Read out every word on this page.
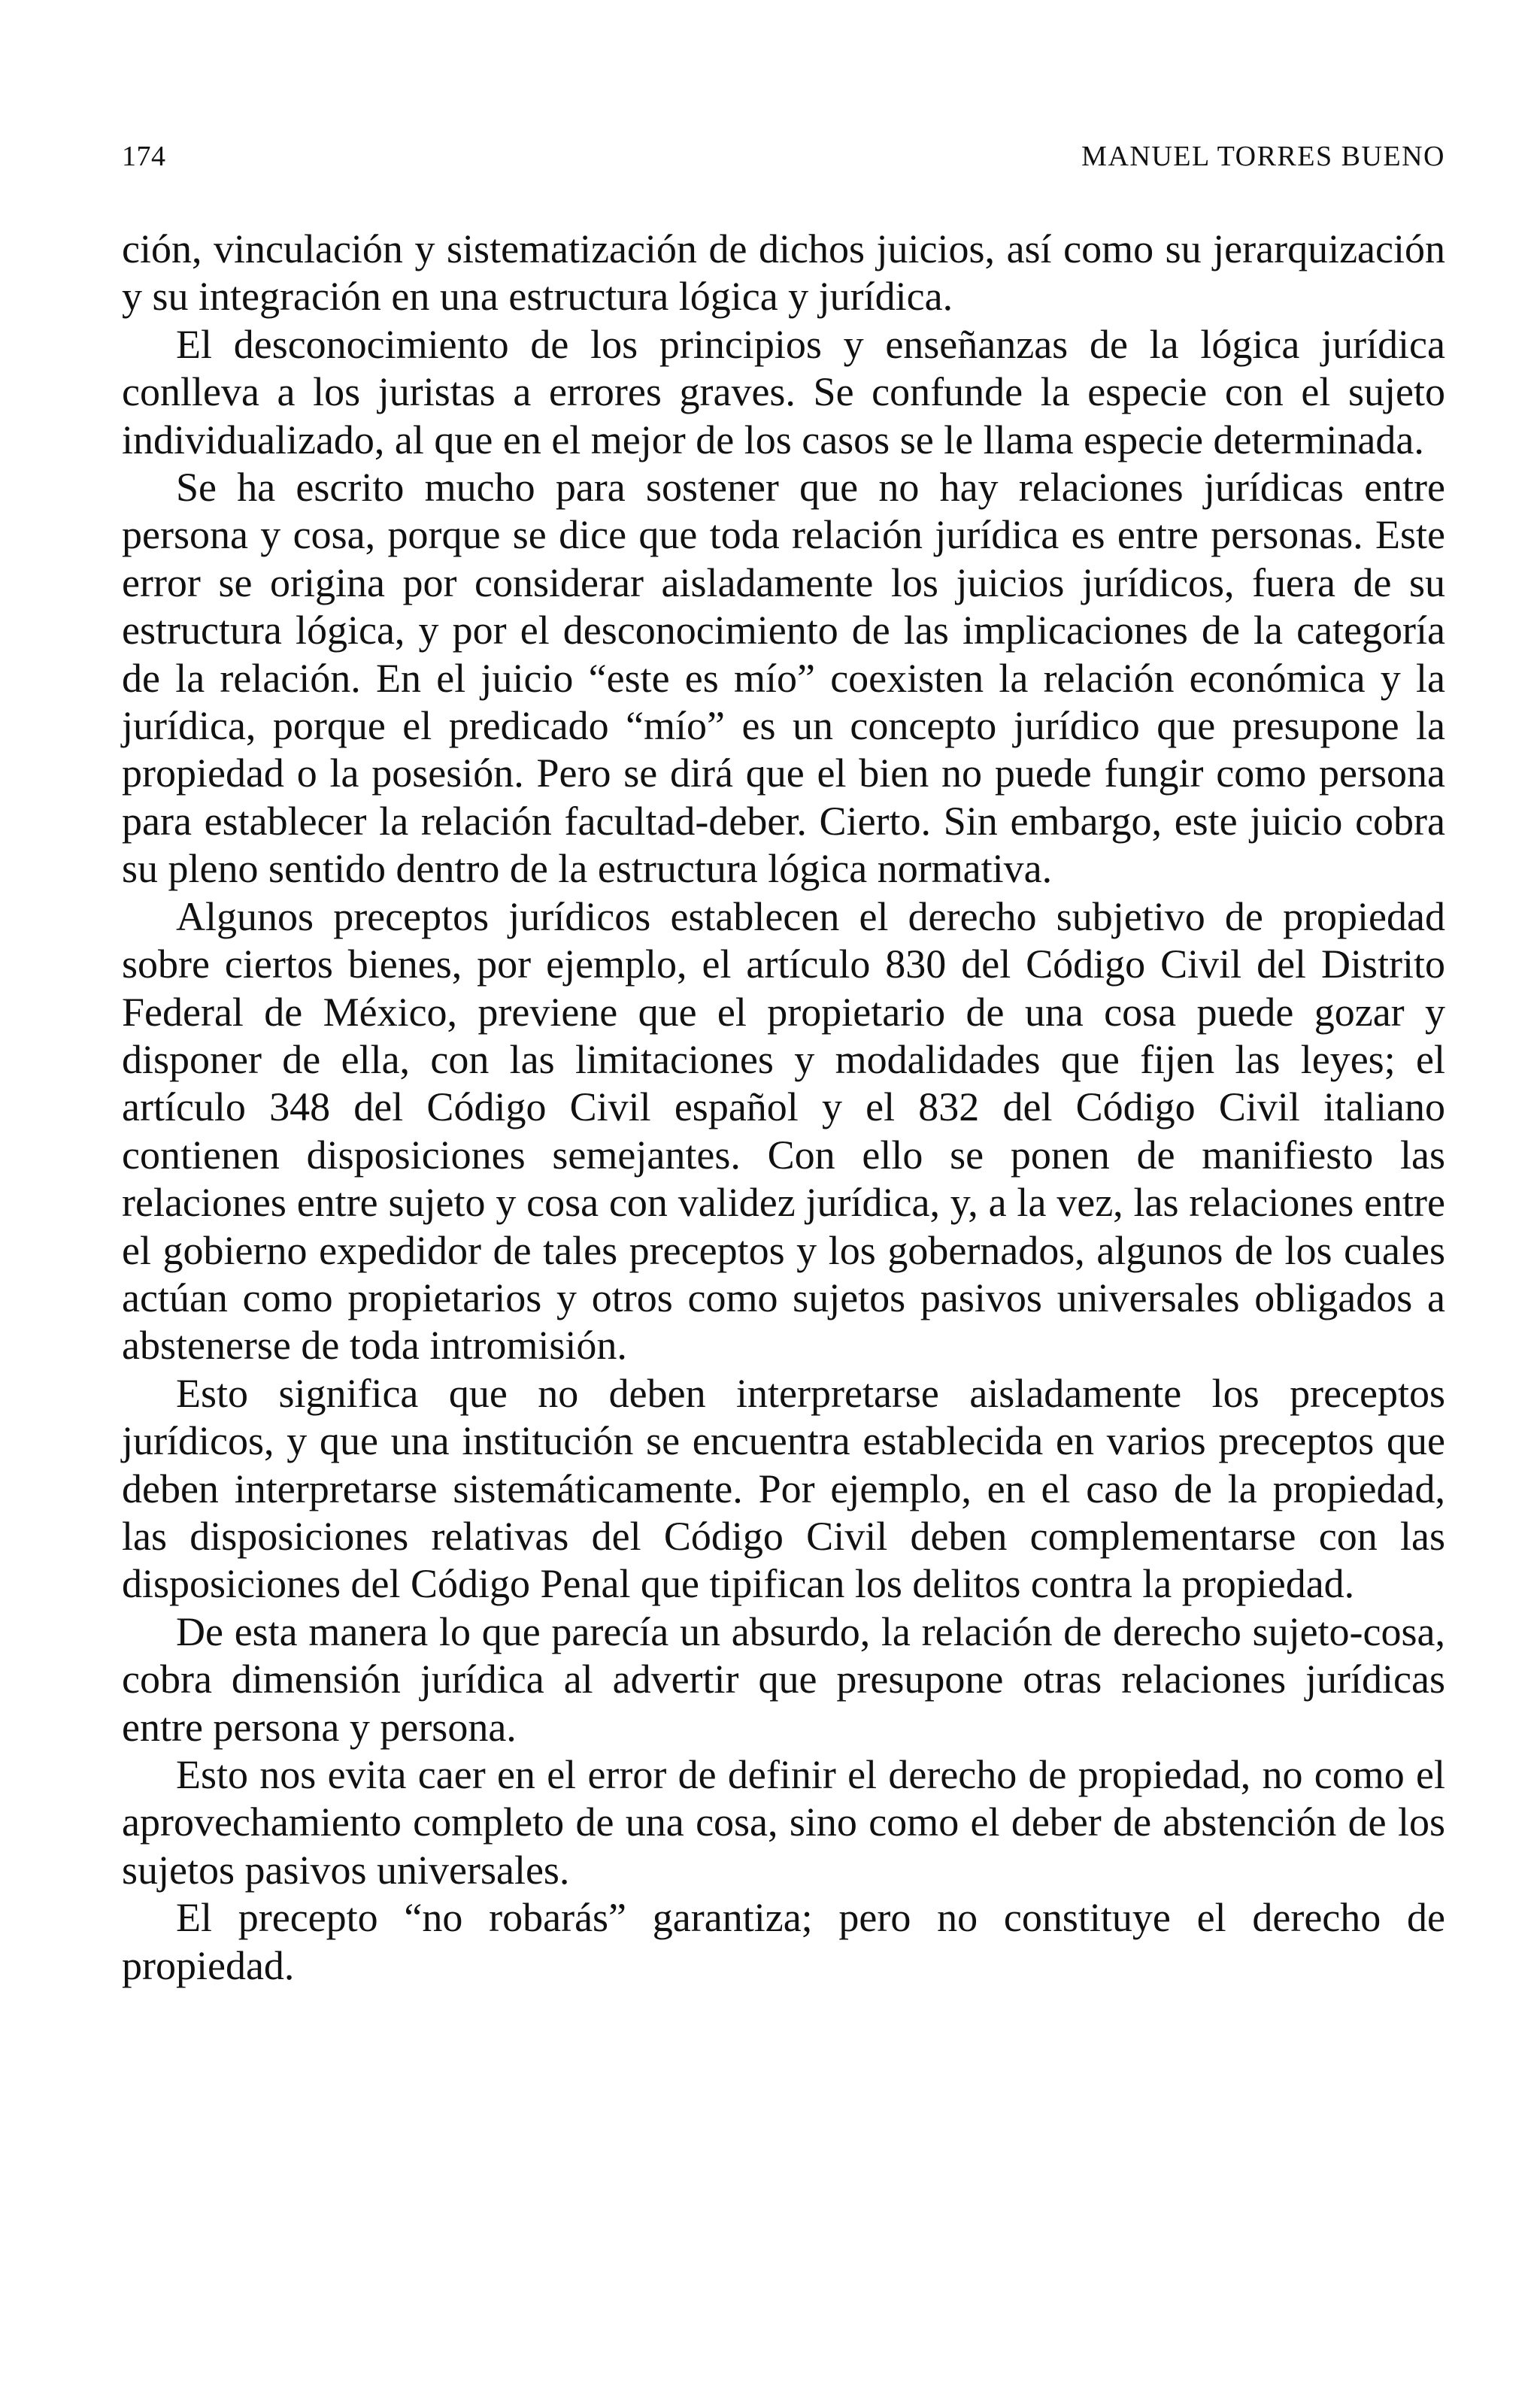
174	MANUEL TORRES BUENO

ción, vinculación y sistematización de dichos juicios, así como su jerarquización y su integración en una estructura lógica y jurídica.

El desconocimiento de los principios y enseñanzas de la lógica jurídica conlleva a los juristas a errores graves. Se confunde la especie con el sujeto individualizado, al que en el mejor de los casos se le llama especie determinada.

Se ha escrito mucho para sostener que no hay relaciones jurídicas entre persona y cosa, porque se dice que toda relación jurídica es entre personas. Este error se origina por considerar aisladamente los juicios jurídicos, fuera de su estructura lógica, y por el desconocimiento de las implicaciones de la categoría de la relación. En el juicio “este es mío” coexisten la relación económica y la jurídica, porque el predicado “mío” es un concepto jurídico que presupone la propiedad o la posesión. Pero se dirá que el bien no puede fungir como persona para establecer la relación facultad-deber. Cierto. Sin embargo, este juicio cobra su pleno sentido dentro de la estructura lógica normativa.

Algunos preceptos jurídicos establecen el derecho subjetivo de propiedad sobre ciertos bienes, por ejemplo, el artículo 830 del Código Civil del Distrito Federal de México, previene que el propietario de una cosa puede gozar y disponer de ella, con las limitaciones y modalidades que fijen las leyes; el artículo 348 del Código Civil español y el 832 del Código Civil italiano contienen disposiciones semejantes. Con ello se ponen de manifiesto las relaciones entre sujeto y cosa con validez jurídica, y, a la vez, las relaciones entre el gobierno expedidor de tales preceptos y los gobernados, algunos de los cuales actúan como propietarios y otros como sujetos pasivos universales obligados a abstenerse de toda intromisión.

Esto significa que no deben interpretarse aisladamente los preceptos jurídicos, y que una institución se encuentra establecida en varios preceptos que deben interpretarse sistemáticamente. Por ejemplo, en el caso de la propiedad, las disposiciones relativas del Código Civil deben complementarse con las disposiciones del Código Penal que tipifican los delitos contra la propiedad.

De esta manera lo que parecía un absurdo, la relación de derecho sujeto-cosa, cobra dimensión jurídica al advertir que presupone otras relaciones jurídicas entre persona y persona.

Esto nos evita caer en el error de definir el derecho de propiedad, no como el aprovechamiento completo de una cosa, sino como el deber de abstención de los sujetos pasivos universales.

El precepto “no robarás” garantiza; pero no constituye el derecho de propiedad.
